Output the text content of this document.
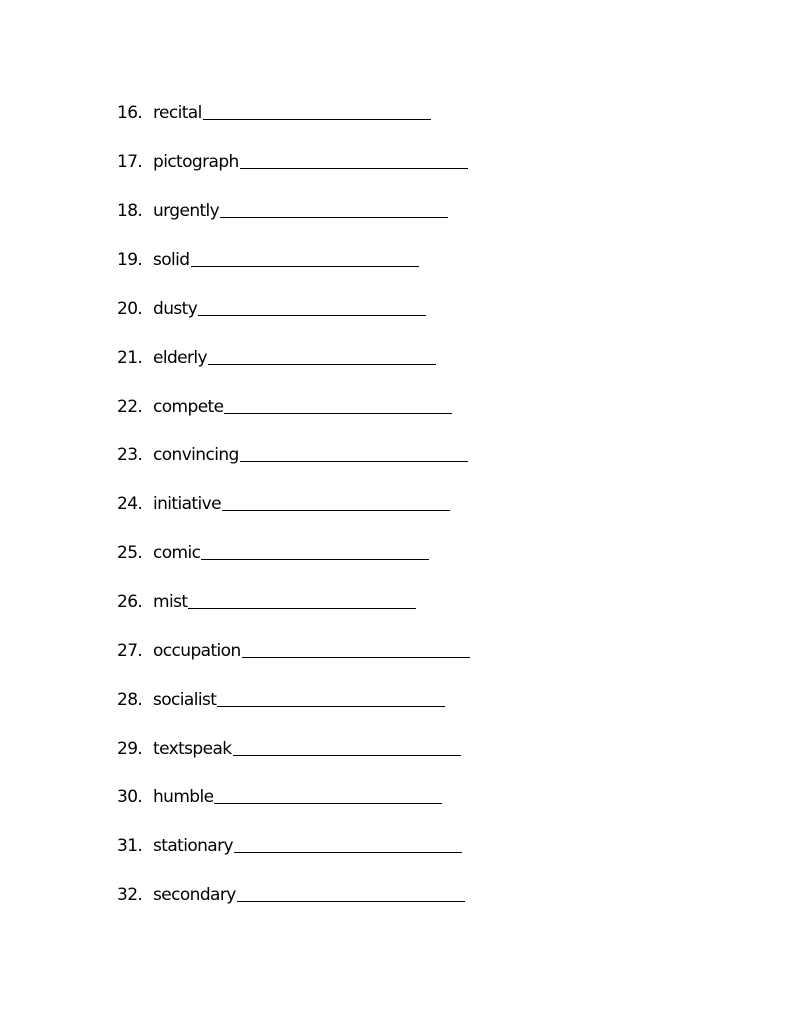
16. recital
17. pictograph
18. urgently
19. solid
20. dusty
21. elderly
22. compete
23. convincing
24. initiative
25. comic
26. mist
27. occupation
28. socialist
29. textspeak
30. humble
31. stationary
32. secondary
